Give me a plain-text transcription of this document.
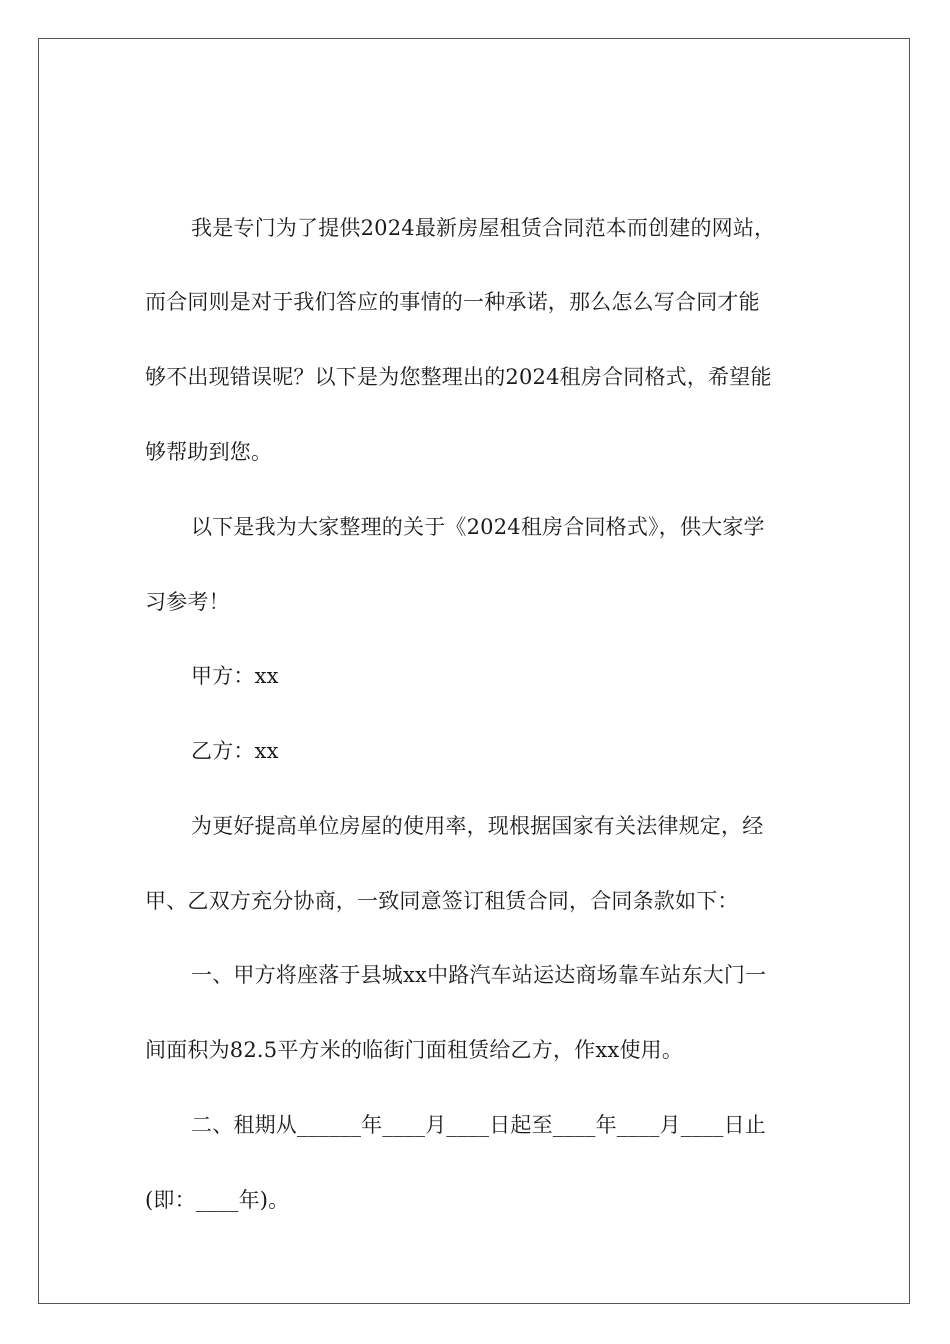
我是专门为了提供2024最新房屋租赁合同范本而创建的网站，
而合同则是对于我们答应的事情的一种承诺，那么怎么写合同才能
够不出现错误呢？以下是为您整理出的2024租房合同格式，希望能
够帮助到您。
以下是我为大家整理的关于《2024租房合同格式》，供大家学
习参考！
甲方：xx
乙方：xx
为更好提高单位房屋的使用率，现根据国家有关法律规定，经
甲、乙双方充分协商，一致同意签订租赁合同，合同条款如下：
一、甲方将座落于县城xx中路汽车站运达商场靠车站东大门一
间面积为82.5平方米的临街门面租赁给乙方，作xx使用。
二、租期从______年____月____日起至____年____月____日止
(即：____年)。
